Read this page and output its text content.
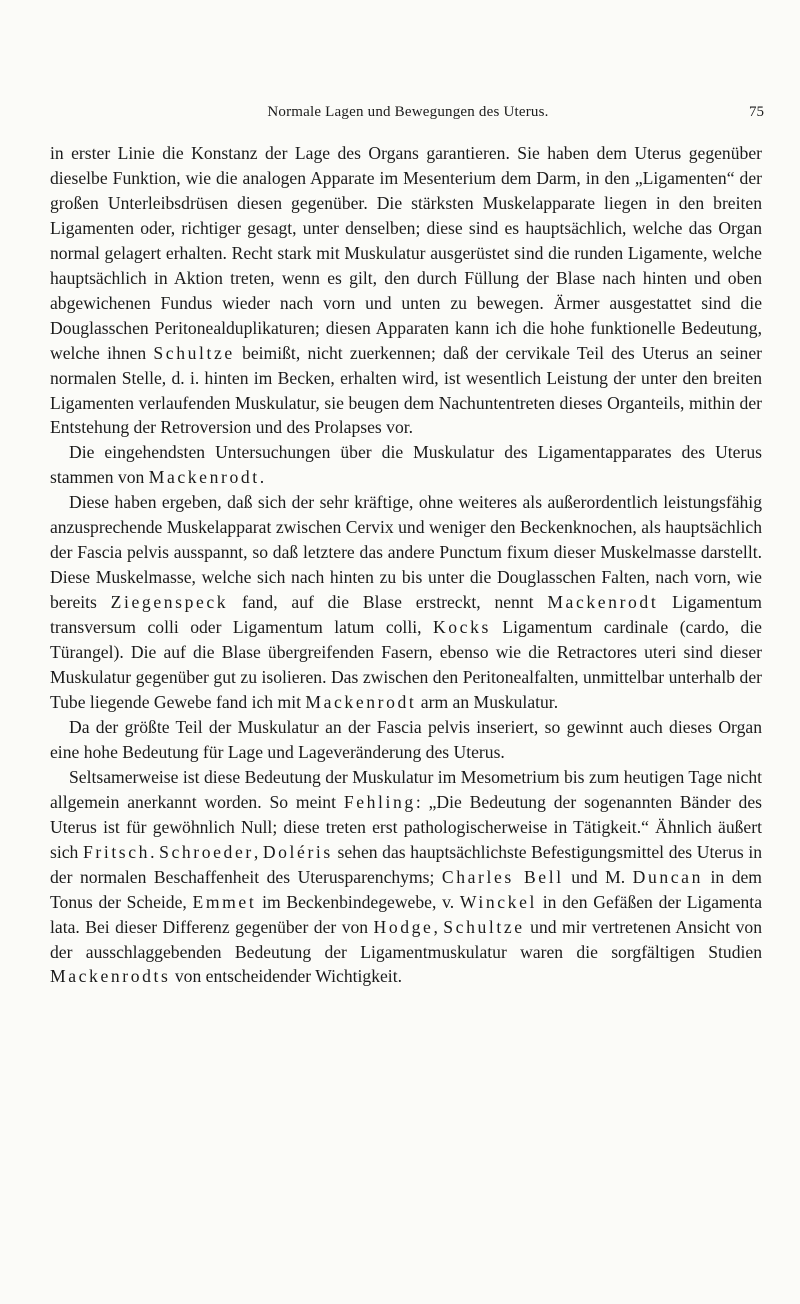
Normale Lagen und Bewegungen des Uterus.	75

in erster Linie die Konstanz der Lage des Organs garantieren. Sie haben dem Uterus gegenüber dieselbe Funktion, wie die analogen Apparate im Mesenterium dem Darm, in den „Ligamenten“ der großen Unterleibsdrüsen diesen gegenüber. Die stärksten Muskelapparate liegen in den breiten Ligamenten oder, richtiger gesagt, unter denselben; diese sind es hauptsächlich, welche das Organ normal gelagert erhalten. Recht stark mit Muskulatur ausgerüstet sind die runden Ligamente, welche hauptsächlich in Aktion treten, wenn es gilt, den durch Füllung der Blase nach hinten und oben abgewichenen Fundus wieder nach vorn und unten zu bewegen. Ärmer ausgestattet sind die Douglasschen Peritonealduplikaturen; diesen Apparaten kann ich die hohe funktionelle Bedeutung, welche ihnen Schultze beimißt, nicht zuerkennen; daß der cervikale Teil des Uterus an seiner normalen Stelle, d. i. hinten im Becken, erhalten wird, ist wesentlich Leistung der unter den breiten Ligamenten verlaufenden Muskulatur, sie beugen dem Nachuntentreten dieses Organteils, mithin der Entstehung der Retroversion und des Prolapses vor.

Die eingehendsten Untersuchungen über die Muskulatur des Ligamentapparates des Uterus stammen von Mackenrodt.

Diese haben ergeben, daß sich der sehr kräftige, ohne weiteres als außerordentlich leistungsfähig anzusprechende Muskelapparat zwischen Cervix und weniger den Beckenknochen, als hauptsächlich der Fascia pelvis ausspannt, so daß letztere das andere Punctum fixum dieser Muskelmasse darstellt. Diese Muskelmasse, welche sich nach hinten zu bis unter die Douglasschen Falten, nach vorn, wie bereits Ziegenspeck fand, auf die Blase erstreckt, nennt Mackenrodt Ligamentum transversum colli oder Ligamentum latum colli, Kocks Ligamentum cardinale (cardo, die Türangel). Die auf die Blase übergreifenden Fasern, ebenso wie die Retractores uteri sind dieser Muskulatur gegenüber gut zu isolieren. Das zwischen den Peritonealfalten, unmittelbar unterhalb der Tube liegende Gewebe fand ich mit Mackenrodt arm an Muskulatur.

Da der größte Teil der Muskulatur an der Fascia pelvis inseriert, so gewinnt auch dieses Organ eine hohe Bedeutung für Lage und Lageveränderung des Uterus.

Seltsamerweise ist diese Bedeutung der Muskulatur im Mesometrium bis zum heutigen Tage nicht allgemein anerkannt worden. So meint Fehling: „Die Bedeutung der sogenannten Bänder des Uterus ist für gewöhnlich Null; diese treten erst pathologischerweise in Tätigkeit.“ Ähnlich äußert sich Fritsch. Schroeder, Doléris sehen das hauptsächlichste Befestigungsmittel des Uterus in der normalen Beschaffenheit des Uterusparenchyms; Charles Bell und M. Duncan in dem Tonus der Scheide, Emmet im Beckenbindegewebe, v. Winckel in den Gefäßen der Ligamenta lata. Bei dieser Differenz gegenüber der von Hodge, Schultze und mir vertretenen Ansicht von der ausschlaggebenden Bedeutung der Ligamentmuskulatur waren die sorgfältigen Studien Mackenrodts von entscheidender Wichtigkeit.
